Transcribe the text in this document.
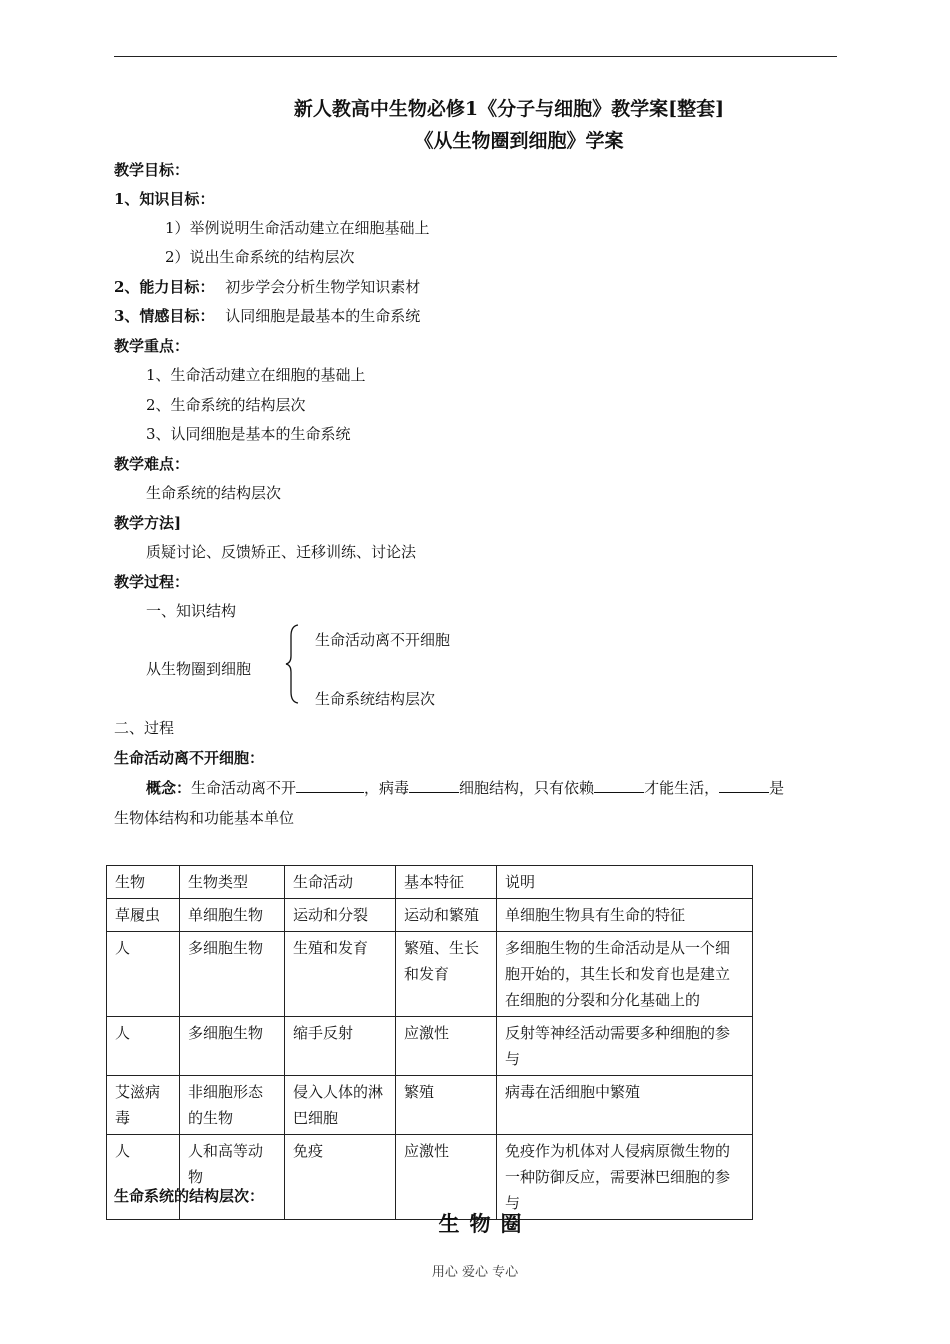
新人教高中生物必修1《分子与细胞》教学案[整套]
《从生物圈到细胞》学案
教学目标：
1、知识目标：
1）举例说明生命活动建立在细胞基础上
2）说出生命系统的结构层次
2、能力目标： 初步学会分析生物学知识素材
3、情感目标： 认同细胞是最基本的生命系统
教学重点：
1、生命活动建立在细胞的基础上
2、生命系统的结构层次
3、认同细胞是基本的生命系统
教学难点：
生命系统的结构层次
教学方法]
质疑讨论、反馈矫正、迁移训练、讨论法
教学过程：
一、知识结构
从生物圈到细胞
生命活动离不开细胞
生命系统结构层次
二、过程
生命活动离不开细胞：
概念：生命活动离不开	，病毒	细胞结构，只有依赖	才能生活，	是
生物体结构和功能基本单位
生物	生物类型	生命活动	基本特征	说明
草履虫	单细胞生物	运动和分裂	运动和繁殖	单细胞生物具有生命的特征
人	多细胞生物	生殖和发育	繁殖、生长和发育	多细胞生物的生命活动是从一个细胞开始的，其生长和发育也是建立在细胞的分裂和分化基础上的
人	多细胞生物	缩手反射	应激性	反射等神经活动需要多种细胞的参与
艾滋病毒	非细胞形态的生物	侵入人体的淋巴细胞	繁殖	病毒在活细胞中繁殖
人	人和高等动物	免疫	应激性	免疫作为机体对人侵病原微生物的一种防御反应，需要淋巴细胞的参与
生命系统的结构层次：
生物圈
用心 爱心 专心
